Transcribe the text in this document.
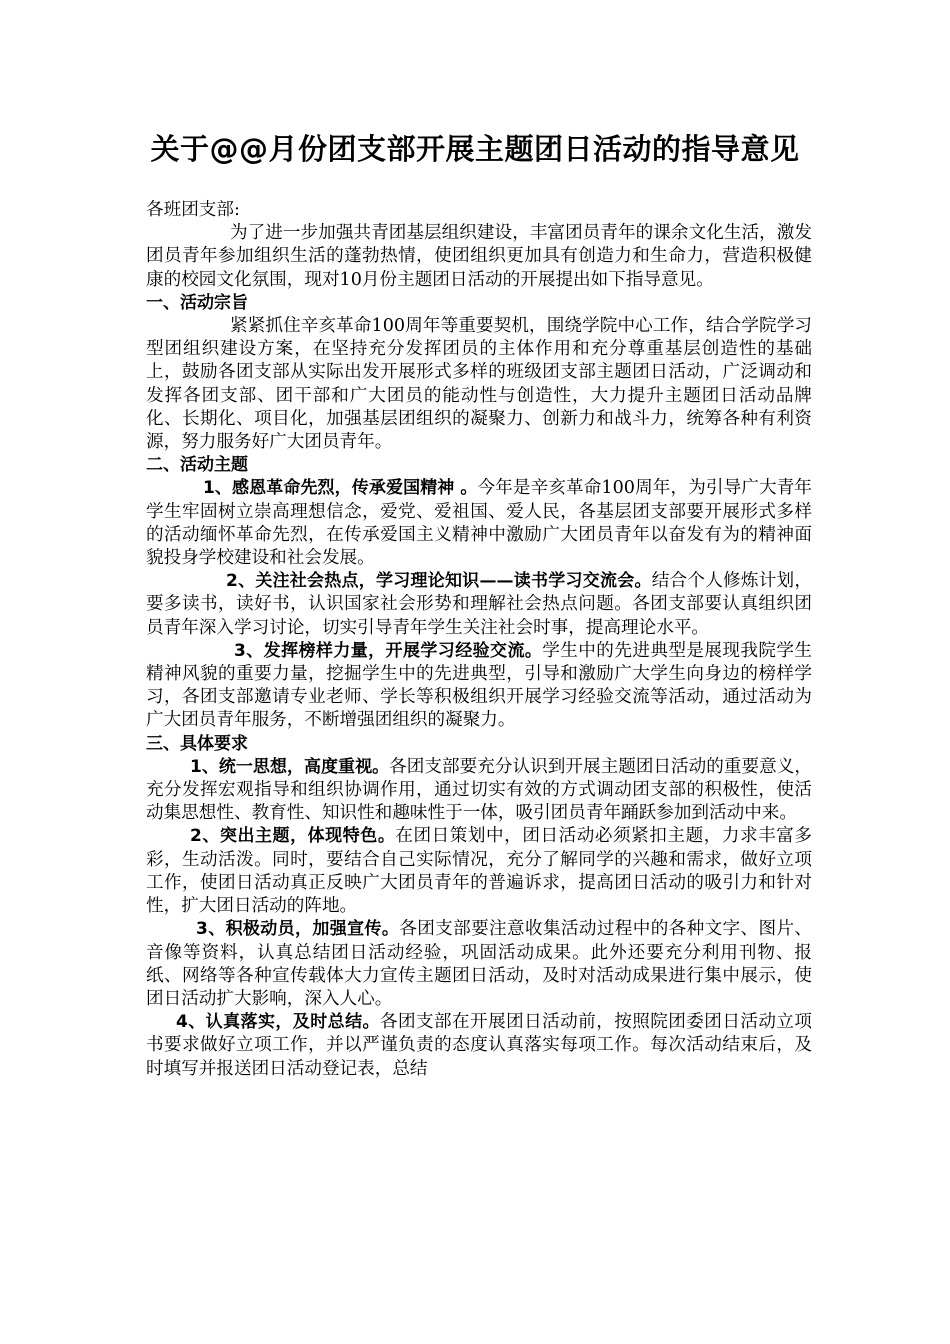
关于@@月份团支部开展主题团日活动的指导意见

各班团支部:

为了进一步加强共青团基层组织建设，丰富团员青年的课余文化生活，激发团员青年参加组织生活的蓬勃热情，使团组织更加具有创造力和生命力，营造积极健康的校园文化氛围，现对10月份主题团日活动的开展提出如下指导意见。

一、活动宗旨

紧紧抓住辛亥革命100周年等重要契机，围绕学院中心工作，结合学院学习型团组织建设方案，在坚持充分发挥团员的主体作用和充分尊重基层创造性的基础上，鼓励各团支部从实际出发开展形式多样的班级团支部主题团日活动，广泛调动和发挥各团支部、团干部和广大团员的能动性与创造性，大力提升主题团日活动品牌化、长期化、项目化，加强基层团组织的凝聚力、创新力和战斗力，统筹各种有利资源，努力服务好广大团员青年。

二、活动主题

1、感恩革命先烈，传承爱国精神 。今年是辛亥革命100周年，为引导广大青年学生牢固树立崇高理想信念，爱党、爱祖国、爱人民，各基层团支部要开展形式多样的活动缅怀革命先烈，在传承爱国主义精神中激励广大团员青年以奋发有为的精神面貌投身学校建设和社会发展。

2、关注社会热点，学习理论知识——读书学习交流会。结合个人修炼计划，要多读书，读好书，认识国家社会形势和理解社会热点问题。各团支部要认真组织团员青年深入学习讨论，切实引导青年学生关注社会时事，提高理论水平。

3、发挥榜样力量，开展学习经验交流。学生中的先进典型是展现我院学生精神风貌的重要力量，挖掘学生中的先进典型，引导和激励广大学生向身边的榜样学习，各团支部邀请专业老师、学长等积极组织开展学习经验交流等活动，通过活动为广大团员青年服务，不断增强团组织的凝聚力。

三、具体要求

1、统一思想，高度重视。各团支部要充分认识到开展主题团日活动的重要意义，充分发挥宏观指导和组织协调作用，通过切实有效的方式调动团支部的积极性，使活动集思想性、教育性、知识性和趣味性于一体，吸引团员青年踊跃参加到活动中来。

2、突出主题，体现特色。在团日策划中，团日活动必须紧扣主题，力求丰富多彩，生动活泼。同时，要结合自己实际情况，充分了解同学的兴趣和需求，做好立项工作，使团日活动真正反映广大团员青年的普遍诉求，提高团日活动的吸引力和针对性，扩大团日活动的阵地。

3、积极动员，加强宣传。各团支部要注意收集活动过程中的各种文字、图片、音像等资料，认真总结团日活动经验，巩固活动成果。此外还要充分利用刊物、报纸、网络等各种宣传载体大力宣传主题团日活动，及时对活动成果进行集中展示，使团日活动扩大影响，深入人心。

4、认真落实，及时总结。各团支部在开展团日活动前，按照院团委团日活动立项书要求做好立项工作，并以严谨负责的态度认真落实每项工作。每次活动结束后，及时填写并报送团日活动登记表，总结
